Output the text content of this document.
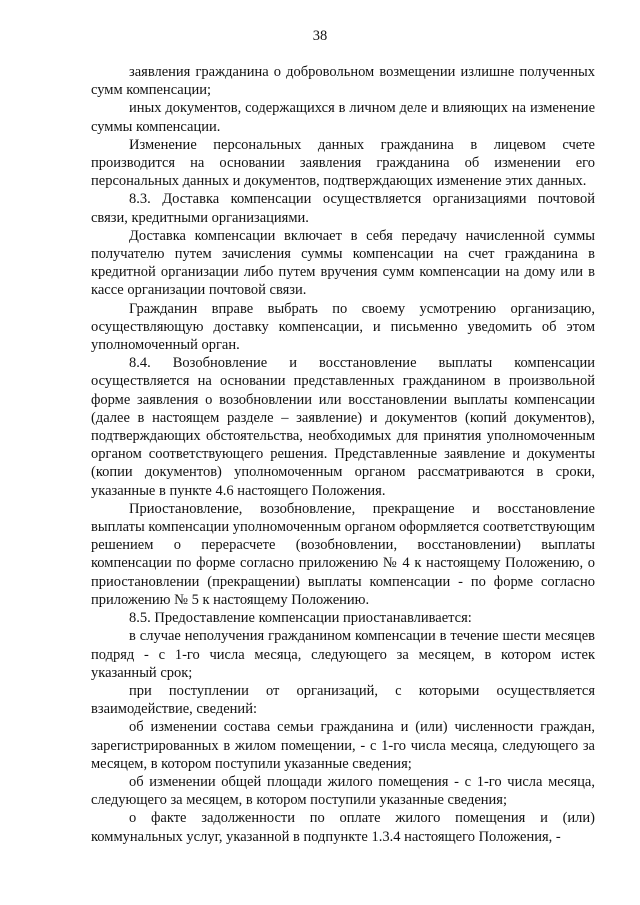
38

заявления гражданина о добровольном возмещении излишне полученных сумм компенсации;

иных документов, содержащихся в личном деле и влияющих на изменение суммы компенсации.

Изменение персональных данных гражданина в лицевом счете производится на основании заявления гражданина об изменении его персональных данных и документов, подтверждающих изменение этих данных.

8.3. Доставка компенсации осуществляется организациями почтовой связи, кредитными организациями.

Доставка компенсации включает в себя передачу начисленной суммы получателю путем зачисления суммы компенсации на счет гражданина в кредитной организации либо путем вручения сумм компенсации на дому или в кассе организации почтовой связи.

Гражданин вправе выбрать по своему усмотрению организацию, осуществляющую доставку компенсации, и письменно уведомить об этом уполномоченный орган.

8.4. Возобновление и восстановление выплаты компенсации осуществляется на основании представленных гражданином в произвольной форме заявления о возобновлении или восстановлении выплаты компенсации (далее в настоящем разделе – заявление) и документов (копий документов), подтверждающих обстоятельства, необходимых для принятия уполномоченным органом соответствующего решения. Представленные заявление и документы (копии документов) уполномоченным органом рассматриваются в сроки, указанные в пункте 4.6 настоящего Положения.

Приостановление, возобновление, прекращение и восстановление выплаты компенсации уполномоченным органом оформляется соответствующим решением о перерасчете (возобновлении, восстановлении) выплаты компенсации по форме согласно приложению № 4 к настоящему Положению, о приостановлении (прекращении) выплаты компенсации - по форме согласно приложению № 5 к настоящему Положению.

8.5. Предоставление компенсации приостанавливается:

в случае неполучения гражданином компенсации в течение шести месяцев подряд - с 1-го числа месяца, следующего за месяцем, в котором истек указанный срок;

при поступлении от организаций, с которыми осуществляется взаимодействие, сведений:

об изменении состава семьи гражданина и (или) численности граждан, зарегистрированных в жилом помещении, - с 1-го числа месяца, следующего за месяцем, в котором поступили указанные сведения;

об изменении общей площади жилого помещения - с 1-го числа месяца, следующего за месяцем, в котором поступили указанные сведения;

о факте задолженности по оплате жилого помещения и (или) коммунальных услуг, указанной в подпункте 1.3.4 настоящего Положения, -
